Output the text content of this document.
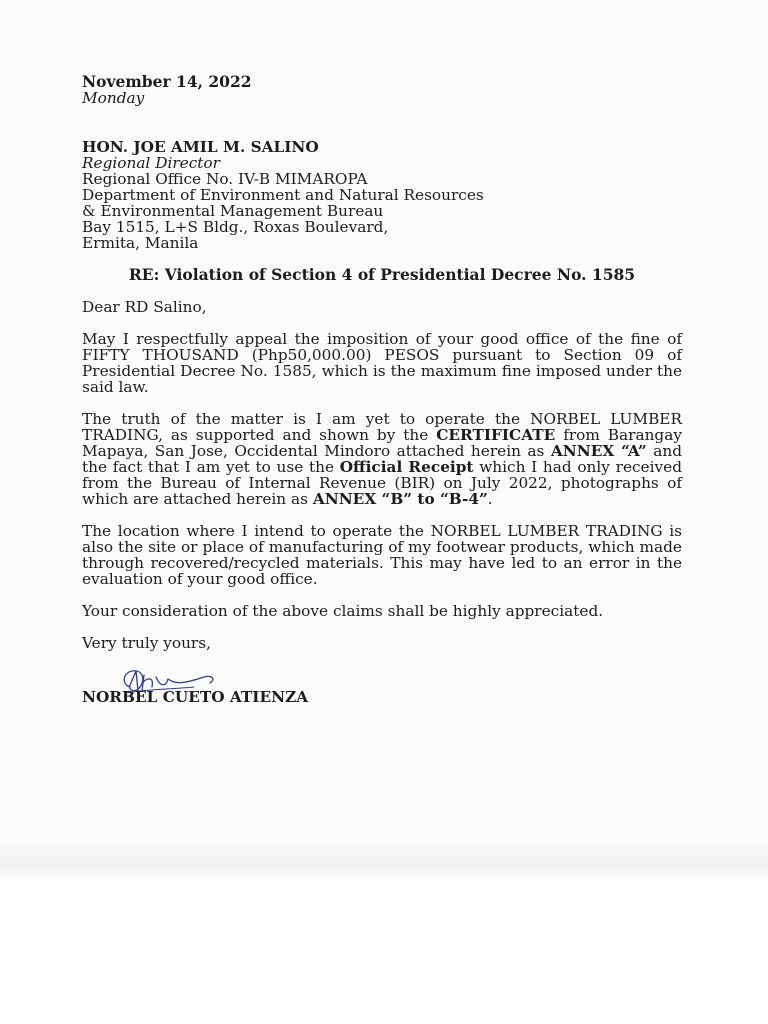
November 14, 2022
Monday
HON. JOE AMIL M. SALINO
Regional Director
Regional Office No. IV-B MIMAROPA
Department of Environment and Natural Resources
& Environmental Management Bureau
Bay 1515, L+S Bldg., Roxas Boulevard,
Ermita, Manila
RE: Violation of Section 4 of Presidential Decree No. 1585

Dear RD Salino,

May I respectfully appeal the imposition of your good office of the fine of FIFTY THOUSAND (Php50,000.00) PESOS pursuant to Section 09 of Presidential Decree No. 1585, which is the maximum fine imposed under the said law.

The truth of the matter is I am yet to operate the NORBEL LUMBER TRADING, as supported and shown by the CERTIFICATE from Barangay Mapaya, San Jose, Occidental Mindoro attached herein as ANNEX “A” and the fact that I am yet to use the Official Receipt which I had only received from the Bureau of Internal Revenue (BIR) on July 2022, photographs of which are attached herein as ANNEX “B” to “B-4”.

The location where I intend to operate the NORBEL LUMBER TRADING is also the site or place of manufacturing of my footwear products, which made through recovered/recycled materials. This may have led to an error in the evaluation of your good office.

Your consideration of the above claims shall be highly appreciated.

Very truly yours,

NORBEL CUETO ATIENZA
